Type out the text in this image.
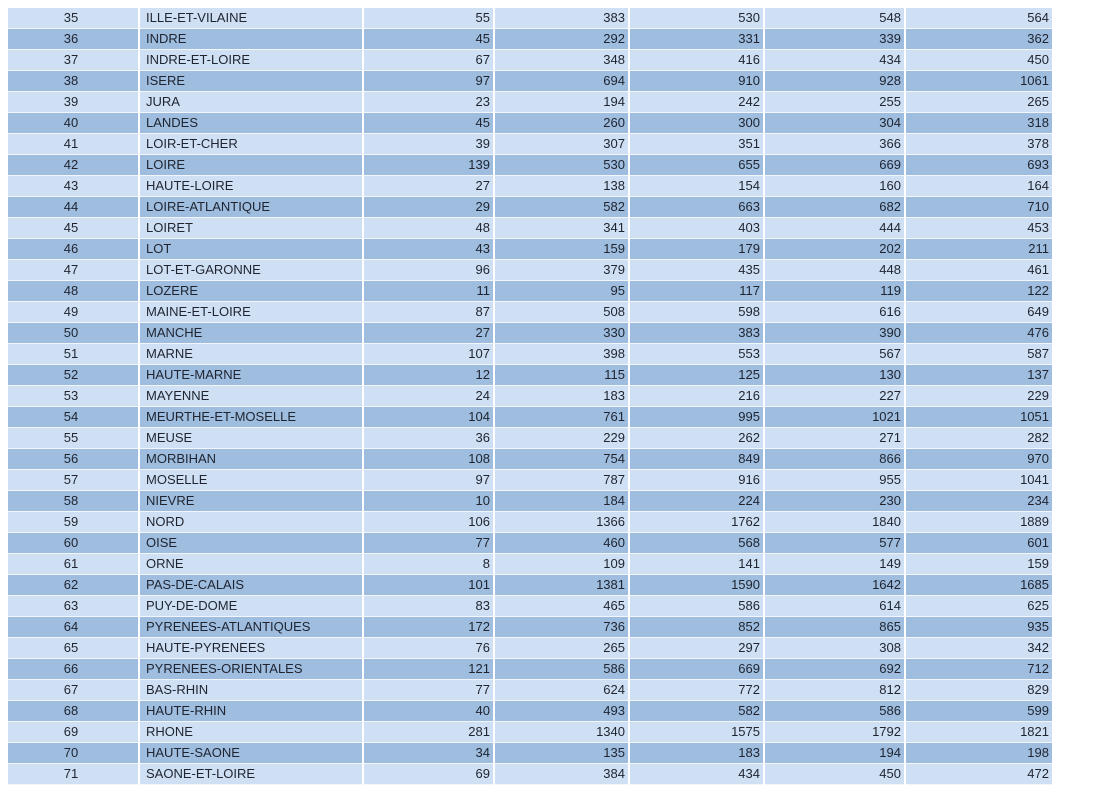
35	ILLE-ET-VILAINE	55	383	530	548	564
36	INDRE	45	292	331	339	362
37	INDRE-ET-LOIRE	67	348	416	434	450
38	ISERE	97	694	910	928	1061
39	JURA	23	194	242	255	265
40	LANDES	45	260	300	304	318
41	LOIR-ET-CHER	39	307	351	366	378
42	LOIRE	139	530	655	669	693
43	HAUTE-LOIRE	27	138	154	160	164
44	LOIRE-ATLANTIQUE	29	582	663	682	710
45	LOIRET	48	341	403	444	453
46	LOT	43	159	179	202	211
47	LOT-ET-GARONNE	96	379	435	448	461
48	LOZERE	11	95	117	119	122
49	MAINE-ET-LOIRE	87	508	598	616	649
50	MANCHE	27	330	383	390	476
51	MARNE	107	398	553	567	587
52	HAUTE-MARNE	12	115	125	130	137
53	MAYENNE	24	183	216	227	229
54	MEURTHE-ET-MOSELLE	104	761	995	1021	1051
55	MEUSE	36	229	262	271	282
56	MORBIHAN	108	754	849	866	970
57	MOSELLE	97	787	916	955	1041
58	NIEVRE	10	184	224	230	234
59	NORD	106	1366	1762	1840	1889
60	OISE	77	460	568	577	601
61	ORNE	8	109	141	149	159
62	PAS-DE-CALAIS	101	1381	1590	1642	1685
63	PUY-DE-DOME	83	465	586	614	625
64	PYRENEES-ATLANTIQUES	172	736	852	865	935
65	HAUTE-PYRENEES	76	265	297	308	342
66	PYRENEES-ORIENTALES	121	586	669	692	712
67	BAS-RHIN	77	624	772	812	829
68	HAUTE-RHIN	40	493	582	586	599
69	RHONE	281	1340	1575	1792	1821
70	HAUTE-SAONE	34	135	183	194	198
71	SAONE-ET-LOIRE	69	384	434	450	472
